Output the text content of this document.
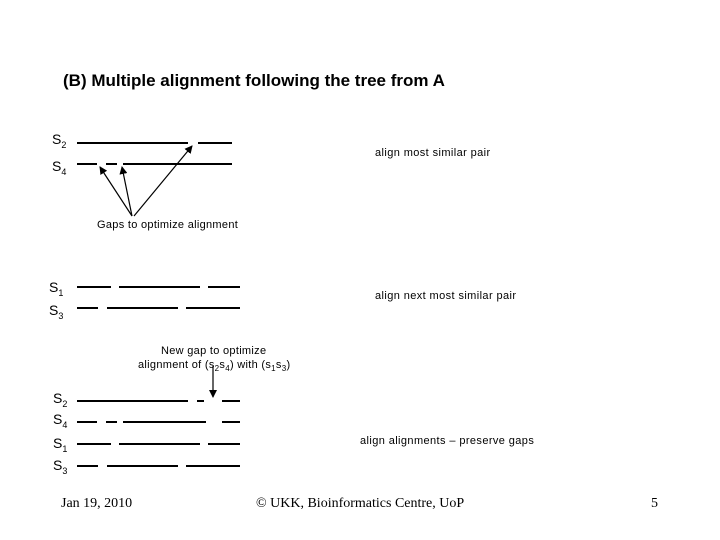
(B) Multiple alignment following the tree from A
$S_2$
$S_4$
Gaps to optimize alignment
align most similar pair
$S_1$
$S_3$
align next most similar pair
New gap to optimize
alignment of $(s_2s_4)$ with $(s_1s_3)$
$S_2$
$S_4$
$S_1$
$S_3$
align alignments – preserve gaps
Jan 19, 2010	© UKK, Bioinformatics Centre, UoP	5
